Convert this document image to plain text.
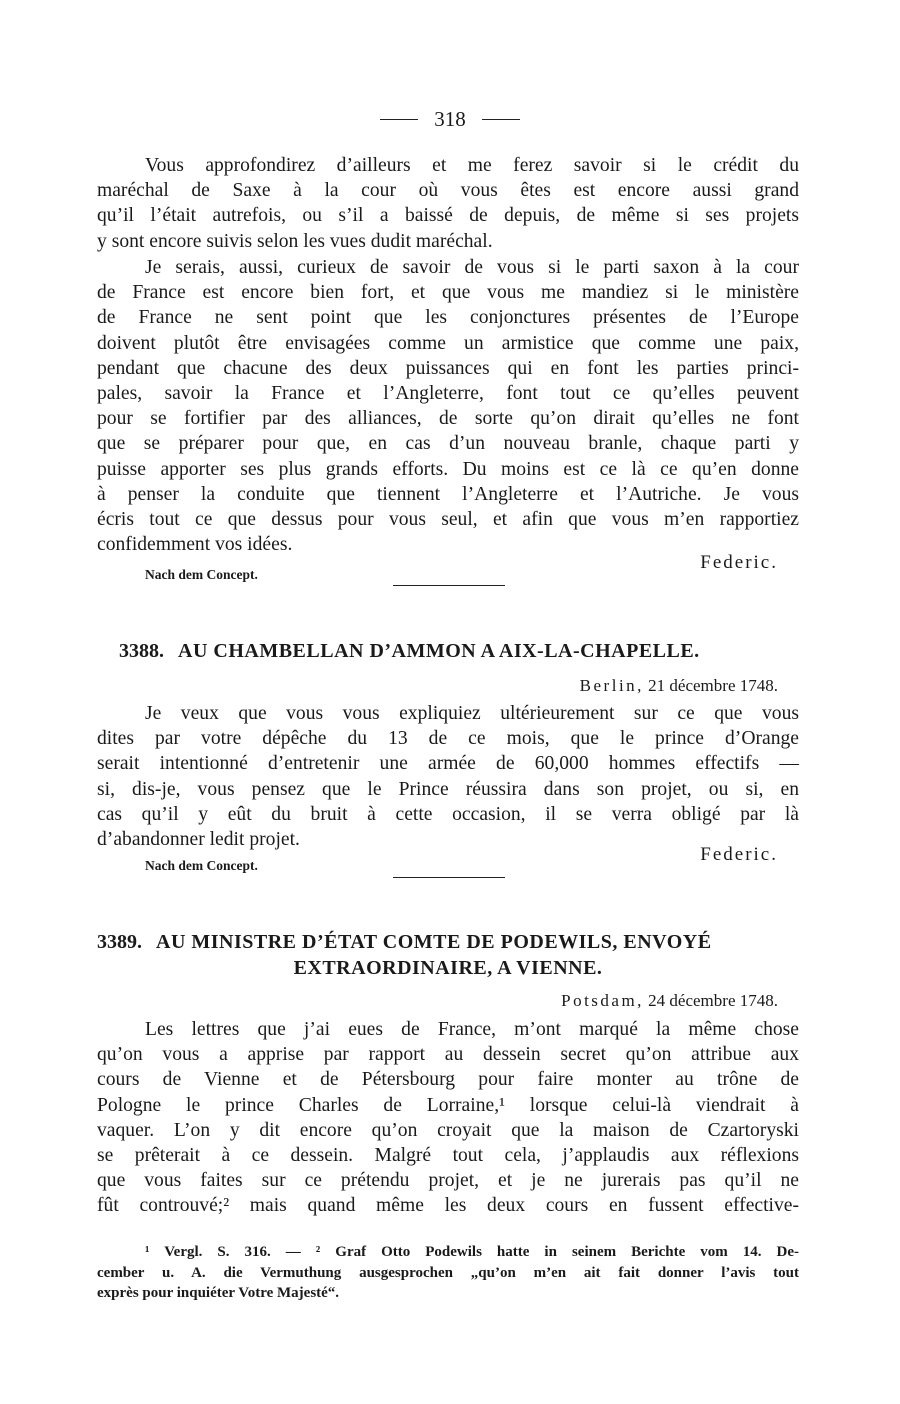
318

Vous approfondirez d’ailleurs et me ferez savoir si le crédit du
maréchal de Saxe à la cour où vous êtes est encore aussi grand
qu’il l’était autrefois, ou s’il a baissé de depuis, de même si ses projets
y sont encore suivis selon les vues dudit maréchal.

Je serais, aussi, curieux de savoir de vous si le parti saxon à la cour
de France est encore bien fort, et que vous me mandiez si le ministère
de France ne sent point que les conjonctures présentes de l’Europe
doivent plutôt être envisagées comme un armistice que comme une paix,
pendant que chacune des deux puissances qui en font les parties princi-
pales, savoir la France et l’Angleterre, font tout ce qu’elles peuvent
pour se fortifier par des alliances, de sorte qu’on dirait qu’elles ne font
que se préparer pour que, en cas d’un nouveau branle, chaque parti y
puisse apporter ses plus grands efforts. Du moins est ce là ce qu’en donne
à penser la conduite que tiennent l’Angleterre et l’Autriche. Je vous
écris tout ce que dessus pour vous seul, et afin que vous m’en rapportiez
confidemment vos idées.

Federic.
Nach dem Concept.
3388. AU CHAMBELLAN D’AMMON A AIX-LA-CHAPELLE.
Berlin, 21 décembre 1748.

Je veux que vous vous expliquiez ultérieurement sur ce que vous
dites par votre dépêche du 13 de ce mois, que le prince d’Orange
serait intentionné d’entretenir une armée de 60,000 hommes effectifs —
si, dis-je, vous pensez que le Prince réussira dans son projet, ou si, en
cas qu’il y eût du bruit à cette occasion, il se verra obligé par là
d’abandonner ledit projet.

Federic.
Nach dem Concept.
3389. AU MINISTRE D’ÉTAT COMTE DE PODEWILS, ENVOYÉ
EXTRAORDINAIRE, A VIENNE.
Potsdam, 24 décembre 1748.

Les lettres que j’ai eues de France, m’ont marqué la même chose
qu’on vous a apprise par rapport au dessein secret qu’on attribue aux
cours de Vienne et de Pétersbourg pour faire monter au trône de
Pologne le prince Charles de Lorraine,¹ lorsque celui-là viendrait à
vaquer. L’on y dit encore qu’on croyait que la maison de Czartoryski
se prêterait à ce dessein. Malgré tout cela, j’applaudis aux réflexions
que vous faites sur ce prétendu projet, et je ne jurerais pas qu’il ne
fût controuvé;² mais quand même les deux cours en fussent effective-

¹ Vergl. S. 316. — ² Graf Otto Podewils hatte in seinem Berichte vom 14. De-
cember u. A. die Vermuthung ausgesprochen „qu’on m’en ait fait donner l’avis tout
exprès pour inquiéter Votre Majesté“.
